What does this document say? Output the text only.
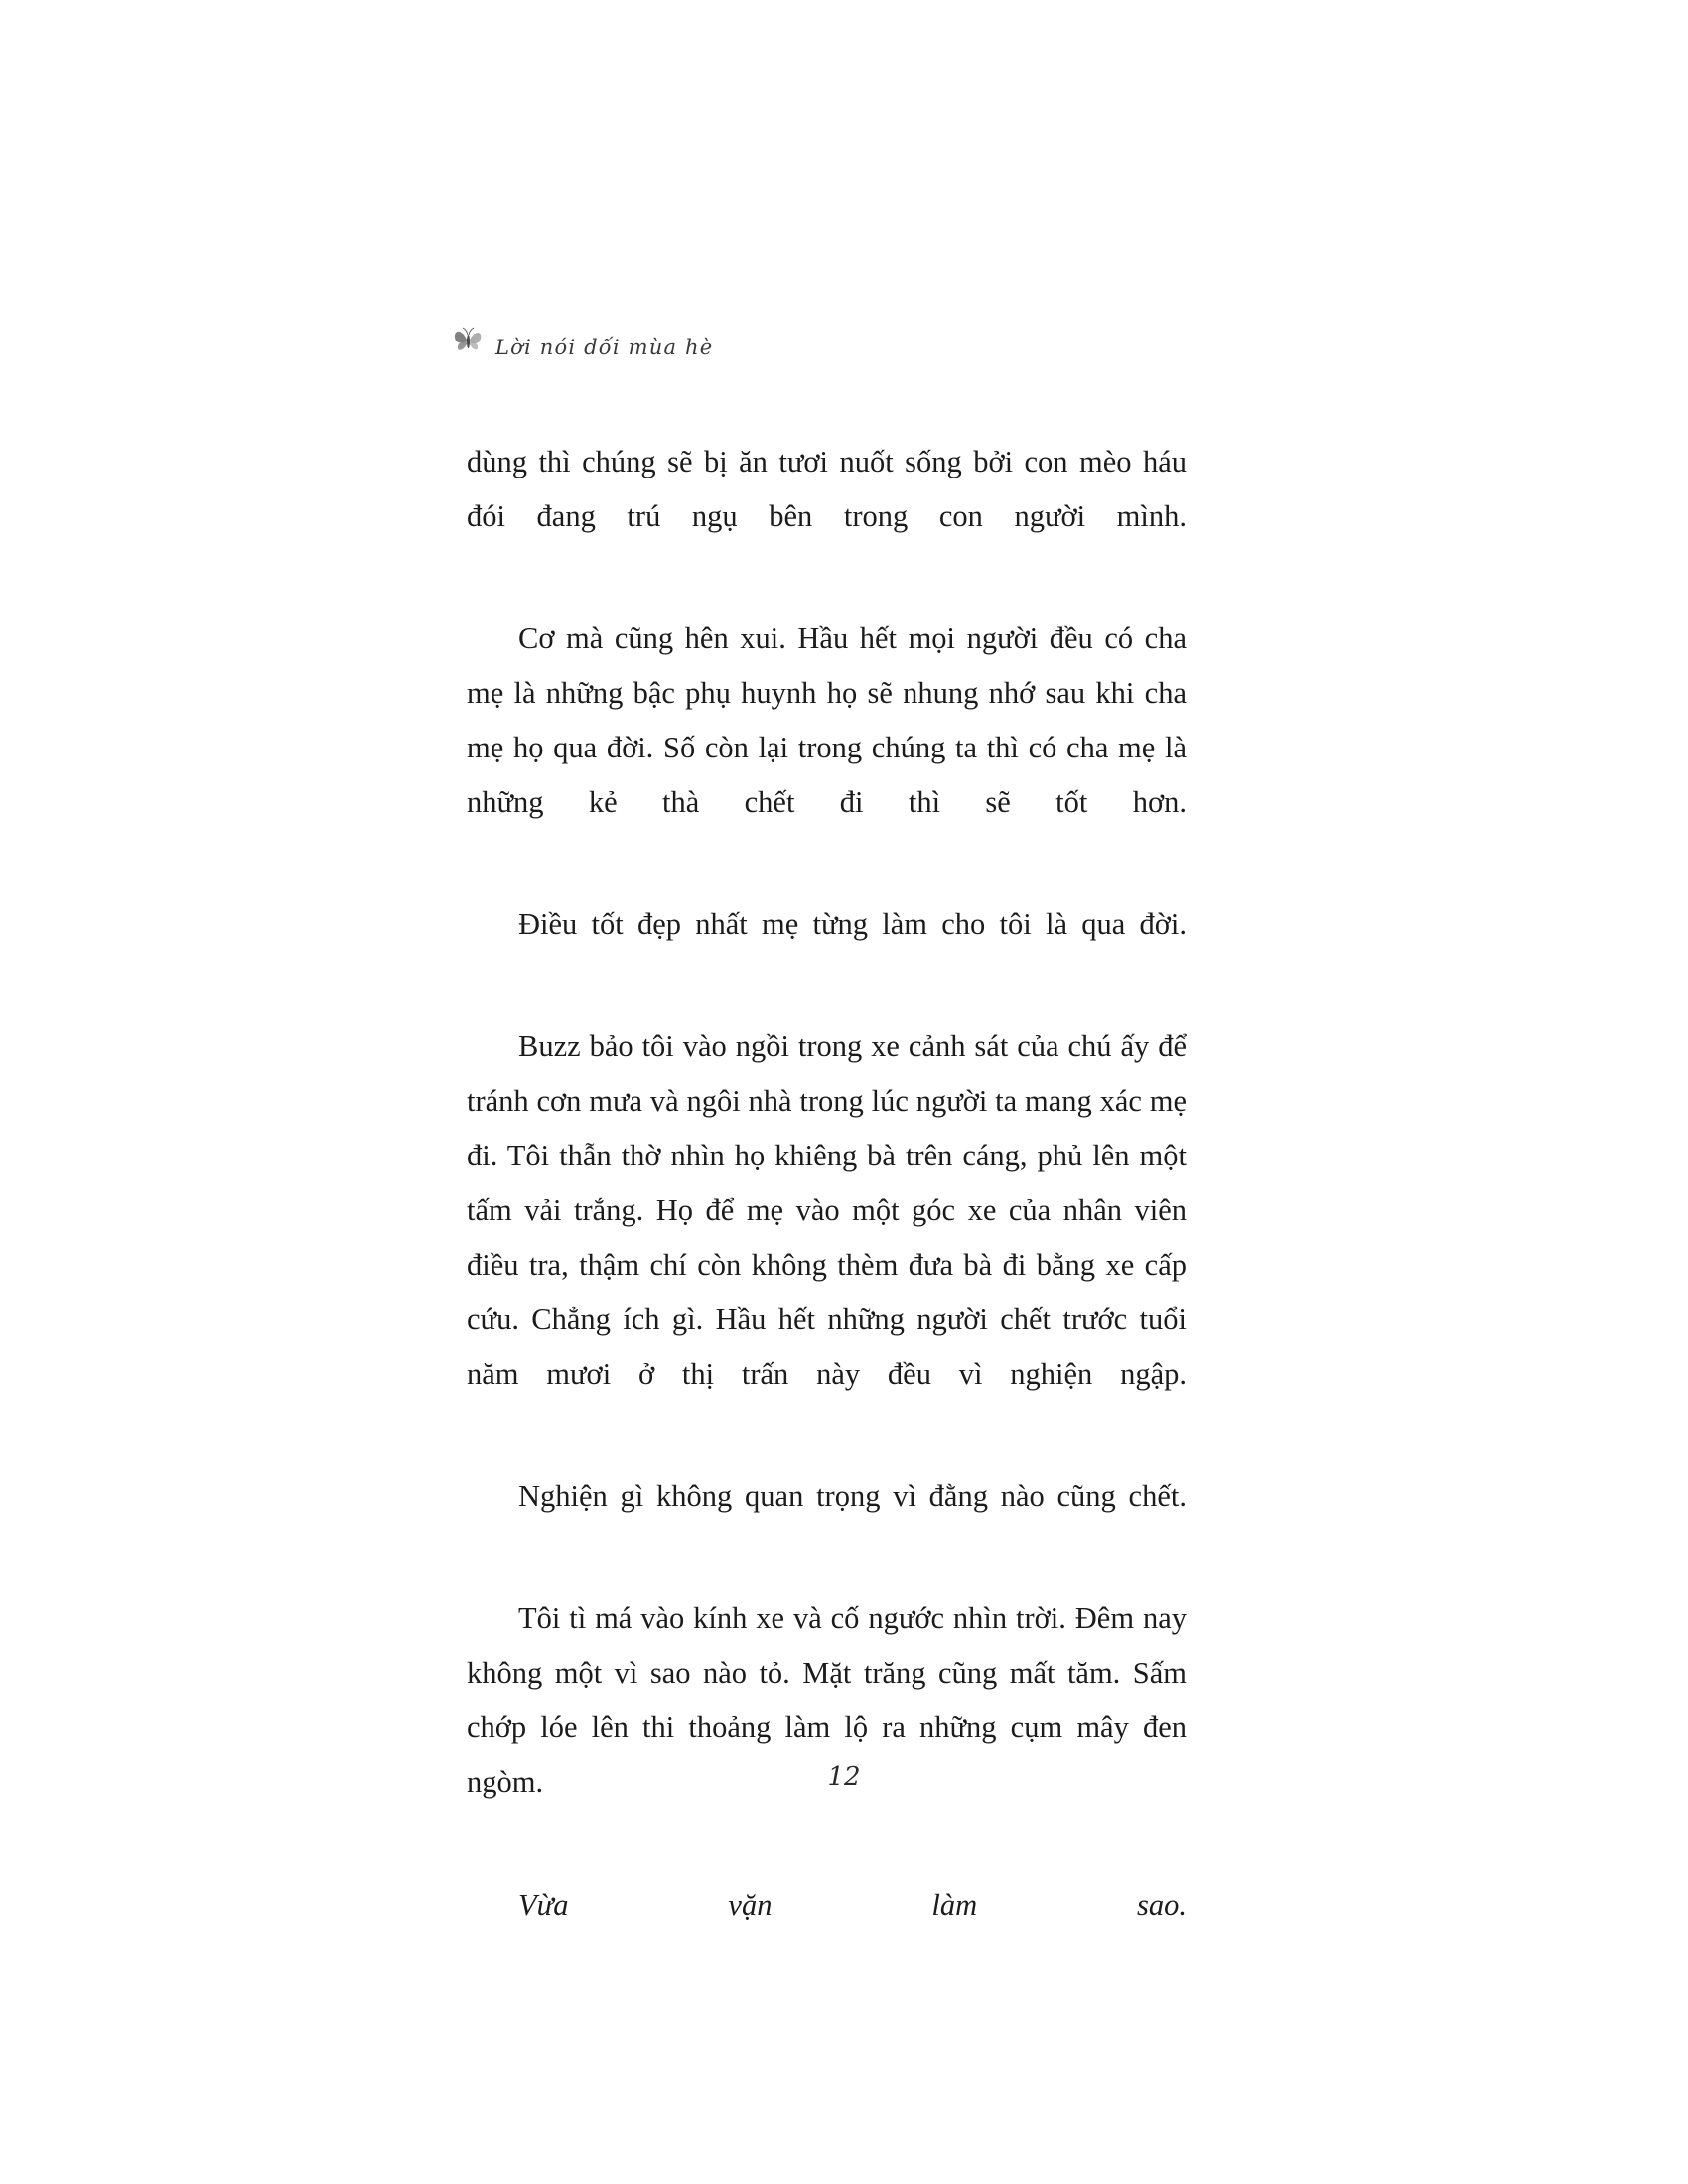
Lời nói dối mùa hè

dùng thì chúng sẽ bị ăn tươi nuốt sống bởi con mèo háu đói đang trú ngụ bên trong con người mình.

Cơ mà cũng hên xui. Hầu hết mọi người đều có cha mẹ là những bậc phụ huynh họ sẽ nhung nhớ sau khi cha mẹ họ qua đời. Số còn lại trong chúng ta thì có cha mẹ là những kẻ thà chết đi thì sẽ tốt hơn.

Điều tốt đẹp nhất mẹ từng làm cho tôi là qua đời.

Buzz bảo tôi vào ngồi trong xe cảnh sát của chú ấy để tránh cơn mưa và ngôi nhà trong lúc người ta mang xác mẹ đi. Tôi thẫn thờ nhìn họ khiêng bà trên cáng, phủ lên một tấm vải trắng. Họ để mẹ vào một góc xe của nhân viên điều tra, thậm chí còn không thèm đưa bà đi bằng xe cấp cứu. Chẳng ích gì. Hầu hết những người chết trước tuổi năm mươi ở thị trấn này đều vì nghiện ngập.

Nghiện gì không quan trọng vì đằng nào cũng chết.

Tôi tì má vào kính xe và cố ngước nhìn trời. Đêm nay không một vì sao nào tỏ. Mặt trăng cũng mất tăm. Sấm chớp lóe lên thi thoảng làm lộ ra những cụm mây đen ngòm.

Vừa vặn làm sao.

12
